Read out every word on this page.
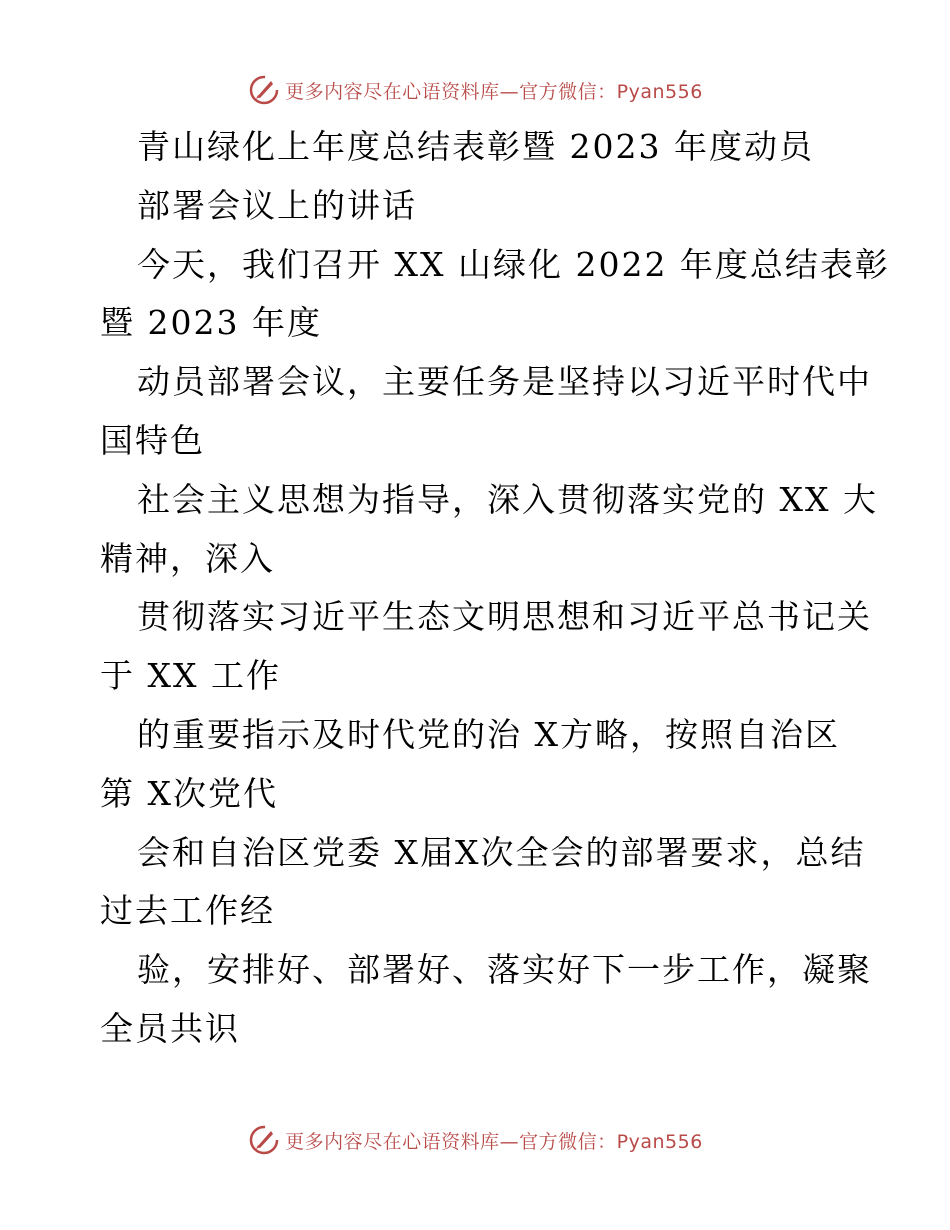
更多内容尽在心语资料库—官方微信：Pyan556
青山绿化上年度总结表彰暨 2023 年度动员
部署会议上的讲话
今天，我们召开 XX 山绿化 2022 年度总结表彰
暨 2023 年度
动员部署会议，主要任务是坚持以习近平时代中
国特色
社会主义思想为指导，深入贯彻落实党的 XX 大
精神，深入
贯彻落实习近平生态文明思想和习近平总书记关
于 XX 工作
的重要指示及时代党的治 X方略，按照自治区
第 X次党代
会和自治区党委 X届X次全会的部署要求，总结
过去工作经
验，安排好、部署好、落实好下一步工作，凝聚
全员共识
更多内容尽在心语资料库—官方微信：Pyan556
